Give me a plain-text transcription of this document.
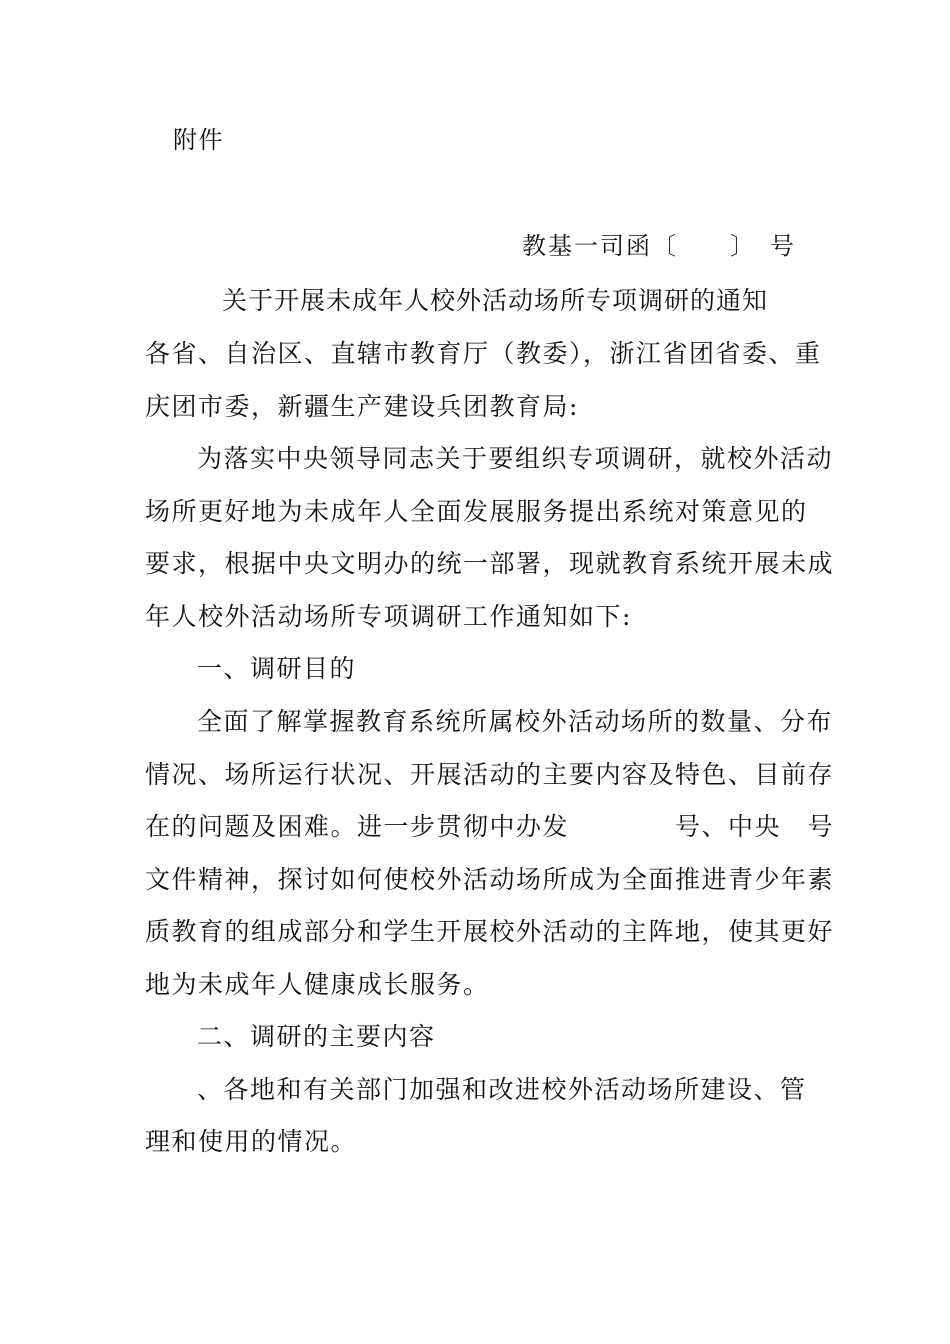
附件
教基一司函〔　　〕　号
关于开展未成年人校外活动场所专项调研的通知
各省、自治区、直辖市教育厅（教委），浙江省团省委、重
庆团市委，新疆生产建设兵团教育局:
为落实中央领导同志关于要组织专项调研，就校外活动
场所更好地为未成年人全面发展服务提出系统对策意见的
要求，根据中央文明办的统一部署，现就教育系统开展未成
年人校外活动场所专项调研工作通知如下:
一、调研目的
全面了解掌握教育系统所属校外活动场所的数量、分布
情况、场所运行状况、开展活动的主要内容及特色、目前存
在的问题及困难。进一步贯彻中办发　　　　号、中央　号
文件精神，探讨如何使校外活动场所成为全面推进青少年素
质教育的组成部分和学生开展校外活动的主阵地，使其更好
地为未成年人健康成长服务。
二、调研的主要内容
、各地和有关部门加强和改进校外活动场所建设、管
理和使用的情况。
